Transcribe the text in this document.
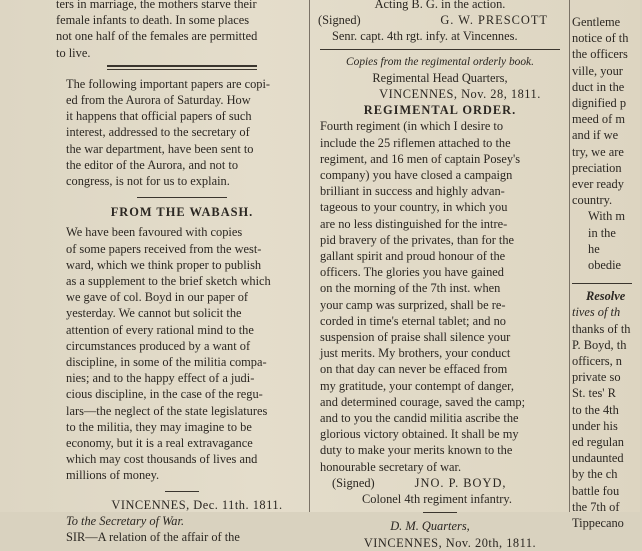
ters in marriage, the mothers starve their
female infants to death. In some places
not one half of the females are permitted
to live.
The following important papers are copi-
ed from the Aurora of Saturday. How
it happens that official papers of such
interest, addressed to the secretary of
the war department, have been sent to
the editor of the Aurora, and not to
congress, is not for us to explain.
FROM THE WABASH.
We have been favoured with copies
of some papers received from the west-
ward, which we think proper to publish
as a supplement to the brief sketch which
we gave of col. Boyd in our paper of
yesterday. We cannot but solicit the
attention of every rational mind to the
circumstances produced by a want of
discipline, in some of the militia compa-
nies; and to the happy effect of a judi-
cious discipline, in the case of the regu-
lars—the neglect of the state legislatures
to the militia, they may imagine to be
economy, but it is a real extravagance
which may cost thousands of lives and
millions of money.
VINCENNES, Dec. 11th. 1811.
To the Secretary of War.
SIR—A relation of the affair of the
Acting B. G. in the action.
(Signed)	G. W. PRESCOTT
Senr. capt. 4th rgt. infy. at Vincennes.
Copies from the regimental orderly book.
Regimental Head Quarters,
VINCENNES, Nov. 28, 1811.
REGIMENTAL ORDER.
Fourth regiment (in which I desire to
include the 25 riflemen attached to the
regiment, and 16 men of captain Posey's
company) you have closed a campaign
brilliant in success and highly advan-
tageous to your country, in which you
are no less distinguished for the intre-
pid bravery of the privates, than for the
gallant spirit and proud honour of the
officers. The glories you have gained
on the morning of the 7th inst. when
your camp was surprized, shall be re-
corded in time's eternal tablet; and no
suspension of praise shall silence your
just merits. My brothers, your conduct
on that day can never be effaced from
my gratitude, your contempt of danger,
and determined courage, saved the camp;
and to you the candid militia ascribe the
glorious victory obtained. It shall be my
duty to make your merits known to the
honourable secretary of war.
(Signed)	JNO. P. BOYD,
Colonel 4th regiment infantry.
D. M. Quarters,
VINCENNES, Nov. 20th, 1811.
Gentleme
notice of th
the officers
ville, your
duct in the
dignified p
meed of m
and if we
try, we are
preciation
ever ready
country.
With m
in the
he
obedie
Resolve
tives of th
thanks of th
P. Boyd, th
officers, n
private so
St. tes' R
to the 4th
under his
ed regulan
undaunted
by the ch
battle fou
the 7th of
Tippecano
